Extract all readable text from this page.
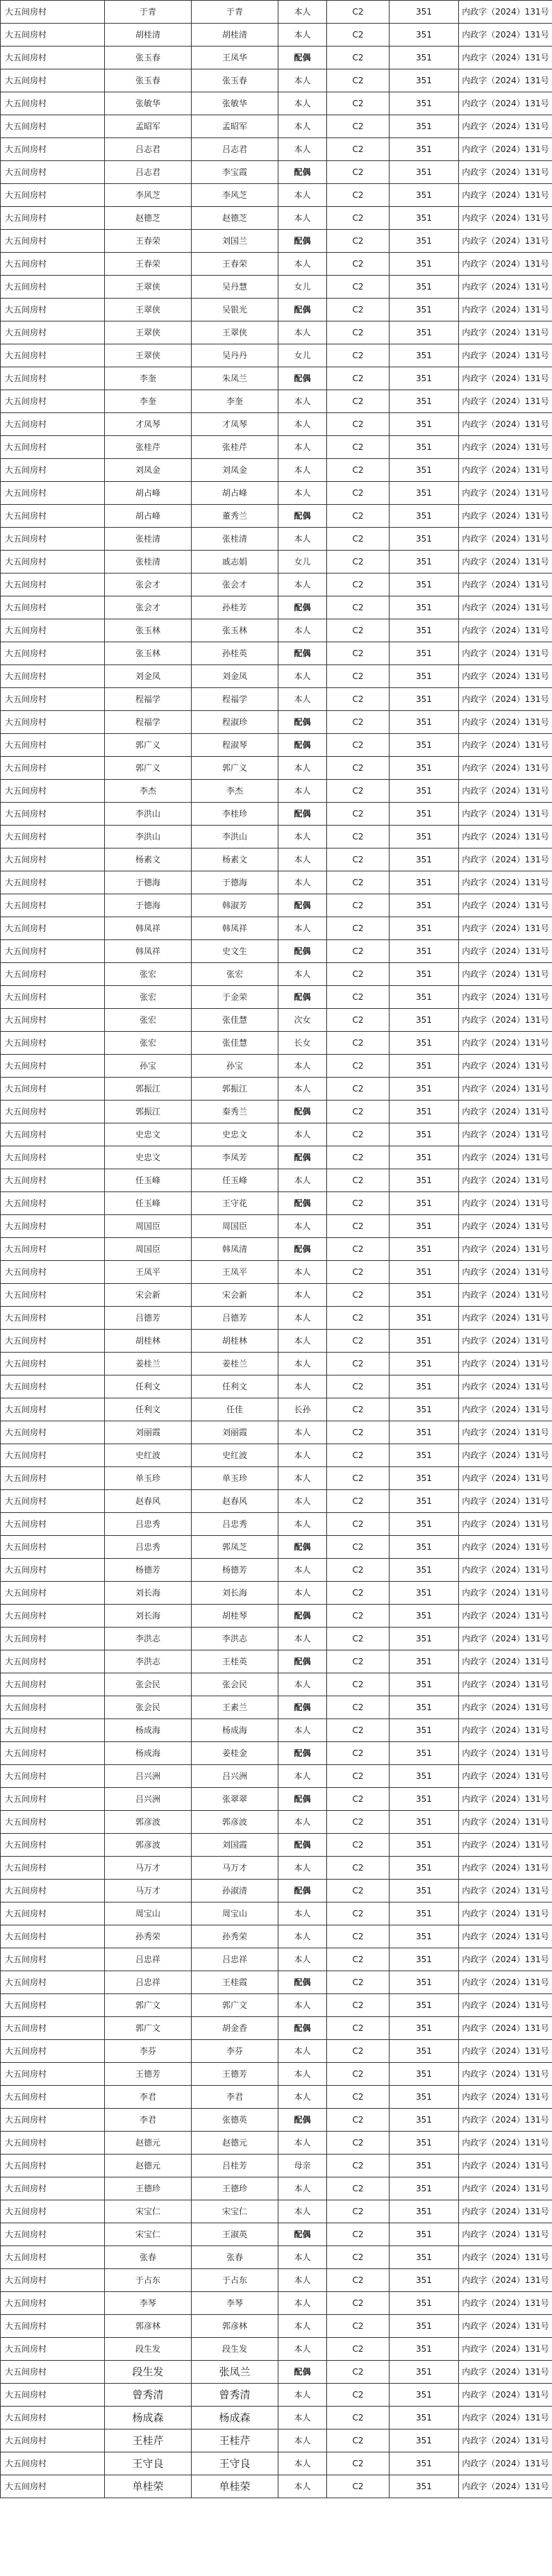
大五间房村	于青	于青	本人	C2	351	内政字（2024）131号
大五间房村	胡桂清	胡桂清	本人	C2	351	内政字（2024）131号
大五间房村	张玉春	王凤华	配偶	C2	351	内政字（2024）131号
大五间房村	张玉春	张玉春	本人	C2	351	内政字（2024）131号
大五间房村	张敏华	张敏华	本人	C2	351	内政字（2024）131号
大五间房村	孟昭军	孟昭军	本人	C2	351	内政字（2024）131号
大五间房村	吕志君	吕志君	本人	C2	351	内政字（2024）131号
大五间房村	吕志君	李宝霞	配偶	C2	351	内政字（2024）131号
大五间房村	李风芝	李风芝	本人	C2	351	内政字（2024）131号
大五间房村	赵德芝	赵德芝	本人	C2	351	内政字（2024）131号
大五间房村	王春荣	刘国兰	配偶	C2	351	内政字（2024）131号
大五间房村	王春荣	王春荣	本人	C2	351	内政字（2024）131号
大五间房村	王翠侠	吴丹慧	女儿	C2	351	内政字（2024）131号
大五间房村	王翠侠	吴银光	配偶	C2	351	内政字（2024）131号
大五间房村	王翠侠	王翠侠	本人	C2	351	内政字（2024）131号
大五间房村	王翠侠	吴丹丹	女儿	C2	351	内政字（2024）131号
大五间房村	李奎	朱凤兰	配偶	C2	351	内政字（2024）131号
大五间房村	李奎	李奎	本人	C2	351	内政字（2024）131号
大五间房村	才凤琴	才凤琴	本人	C2	351	内政字（2024）131号
大五间房村	张桂芹	张桂芹	本人	C2	351	内政字（2024）131号
大五间房村	刘凤金	刘凤金	本人	C2	351	内政字（2024）131号
大五间房村	胡占峰	胡占峰	本人	C2	351	内政字（2024）131号
大五间房村	胡占峰	董秀兰	配偶	C2	351	内政字（2024）131号
大五间房村	张桂清	张桂清	本人	C2	351	内政字（2024）131号
大五间房村	张桂清	戚志娟	女儿	C2	351	内政字（2024）131号
大五间房村	张会才	张会才	本人	C2	351	内政字（2024）131号
大五间房村	张会才	孙桂芳	配偶	C2	351	内政字（2024）131号
大五间房村	张玉林	张玉林	本人	C2	351	内政字（2024）131号
大五间房村	张玉林	孙桂英	配偶	C2	351	内政字（2024）131号
大五间房村	刘金凤	刘金凤	本人	C2	351	内政字（2024）131号
大五间房村	程福学	程福学	本人	C2	351	内政字（2024）131号
大五间房村	程福学	程淑珍	配偶	C2	351	内政字（2024）131号
大五间房村	郭广义	程淑琴	配偶	C2	351	内政字（2024）131号
大五间房村	郭广义	郭广义	本人	C2	351	内政字（2024）131号
大五间房村	李杰	李杰	本人	C2	351	内政字（2024）131号
大五间房村	李洪山	李桂珍	配偶	C2	351	内政字（2024）131号
大五间房村	李洪山	李洪山	本人	C2	351	内政字（2024）131号
大五间房村	杨素文	杨素文	本人	C2	351	内政字（2024）131号
大五间房村	于德海	于德海	本人	C2	351	内政字（2024）131号
大五间房村	于德海	韩淑芳	配偶	C2	351	内政字（2024）131号
大五间房村	韩凤祥	韩凤祥	本人	C2	351	内政字（2024）131号
大五间房村	韩凤祥	史文生	配偶	C2	351	内政字（2024）131号
大五间房村	张宏	张宏	本人	C2	351	内政字（2024）131号
大五间房村	张宏	于金荣	配偶	C2	351	内政字（2024）131号
大五间房村	张宏	张佳慧	次女	C2	351	内政字（2024）131号
大五间房村	张宏	张佳慧	长女	C2	351	内政字（2024）131号
大五间房村	孙宝	孙宝	本人	C2	351	内政字（2024）131号
大五间房村	郭振江	郭振江	本人	C2	351	内政字（2024）131号
大五间房村	郭振江	秦秀兰	配偶	C2	351	内政字（2024）131号
大五间房村	史忠文	史忠文	本人	C2	351	内政字（2024）131号
大五间房村	史忠文	李凤芳	配偶	C2	351	内政字（2024）131号
大五间房村	任玉峰	任玉峰	本人	C2	351	内政字（2024）131号
大五间房村	任玉峰	王守花	配偶	C2	351	内政字（2024）131号
大五间房村	周国臣	周国臣	本人	C2	351	内政字（2024）131号
大五间房村	周国臣	韩凤清	配偶	C2	351	内政字（2024）131号
大五间房村	王凤平	王凤平	本人	C2	351	内政字（2024）131号
大五间房村	宋会新	宋会新	本人	C2	351	内政字（2024）131号
大五间房村	吕德芳	吕德芳	本人	C2	351	内政字（2024）131号
大五间房村	胡桂林	胡桂林	本人	C2	351	内政字（2024）131号
大五间房村	姜桂兰	姜桂兰	本人	C2	351	内政字（2024）131号
大五间房村	任利文	任利文	本人	C2	351	内政字（2024）131号
大五间房村	任利文	任佳	长孙	C2	351	内政字（2024）131号
大五间房村	刘丽霞	刘丽霞	本人	C2	351	内政字（2024）131号
大五间房村	史红波	史红波	本人	C2	351	内政字（2024）131号
大五间房村	单玉珍	单玉珍	本人	C2	351	内政字（2024）131号
大五间房村	赵春风	赵春风	本人	C2	351	内政字（2024）131号
大五间房村	吕忠秀	吕忠秀	本人	C2	351	内政字（2024）131号
大五间房村	吕忠秀	郭凤芝	配偶	C2	351	内政字（2024）131号
大五间房村	杨德芳	杨德芳	本人	C2	351	内政字（2024）131号
大五间房村	刘长海	刘长海	本人	C2	351	内政字（2024）131号
大五间房村	刘长海	胡桂琴	配偶	C2	351	内政字（2024）131号
大五间房村	李洪志	李洪志	本人	C2	351	内政字（2024）131号
大五间房村	李洪志	王桂英	配偶	C2	351	内政字（2024）131号
大五间房村	张会民	张会民	本人	C2	351	内政字（2024）131号
大五间房村	张会民	王素兰	配偶	C2	351	内政字（2024）131号
大五间房村	杨成海	杨成海	本人	C2	351	内政字（2024）131号
大五间房村	杨成海	姜桂金	配偶	C2	351	内政字（2024）131号
大五间房村	吕兴洲	吕兴洲	本人	C2	351	内政字（2024）131号
大五间房村	吕兴洲	张翠翠	配偶	C2	351	内政字（2024）131号
大五间房村	郭彦波	郭彦波	本人	C2	351	内政字（2024）131号
大五间房村	郭彦波	刘国霞	配偶	C2	351	内政字（2024）131号
大五间房村	马万才	马万才	本人	C2	351	内政字（2024）131号
大五间房村	马万才	孙淑清	配偶	C2	351	内政字（2024）131号
大五间房村	周宝山	周宝山	本人	C2	351	内政字（2024）131号
大五间房村	孙秀荣	孙秀荣	本人	C2	351	内政字（2024）131号
大五间房村	吕忠祥	吕忠祥	本人	C2	351	内政字（2024）131号
大五间房村	吕忠祥	王桂霞	配偶	C2	351	内政字（2024）131号
大五间房村	郭广文	郭广文	本人	C2	351	内政字（2024）131号
大五间房村	郭广文	胡金香	配偶	C2	351	内政字（2024）131号
大五间房村	李芬	李芬	本人	C2	351	内政字（2024）131号
大五间房村	王德芳	王德芳	本人	C2	351	内政字（2024）131号
大五间房村	李君	李君	本人	C2	351	内政字（2024）131号
大五间房村	李君	张德英	配偶	C2	351	内政字（2024）131号
大五间房村	赵德元	赵德元	本人	C2	351	内政字（2024）131号
大五间房村	赵德元	吕桂芳	母亲	C2	351	内政字（2024）131号
大五间房村	王德珍	王德珍	本人	C2	351	内政字（2024）131号
大五间房村	宋宝仁	宋宝仁	本人	C2	351	内政字（2024）131号
大五间房村	宋宝仁	王淑英	配偶	C2	351	内政字（2024）131号
大五间房村	张春	张春	本人	C2	351	内政字（2024）131号
大五间房村	于占东	于占东	本人	C2	351	内政字（2024）131号
大五间房村	李琴	李琴	本人	C2	351	内政字（2024）131号
大五间房村	郭彦林	郭彦林	本人	C2	351	内政字（2024）131号
大五间房村	段生发	段生发	本人	C2	351	内政字（2024）131号
大五间房村	段生发	张凤兰	配偶	C2	351	内政字（2024）131号
大五间房村	曾秀清	曾秀清	本人	C2	351	内政字（2024）131号
大五间房村	杨成森	杨成森	本人	C2	351	内政字（2024）131号
大五间房村	王桂芹	王桂芹	本人	C2	351	内政字（2024）131号
大五间房村	王守良	王守良	本人	C2	351	内政字（2024）131号
大五间房村	单桂荣	单桂荣	本人	C2	351	内政字（2024）131号
